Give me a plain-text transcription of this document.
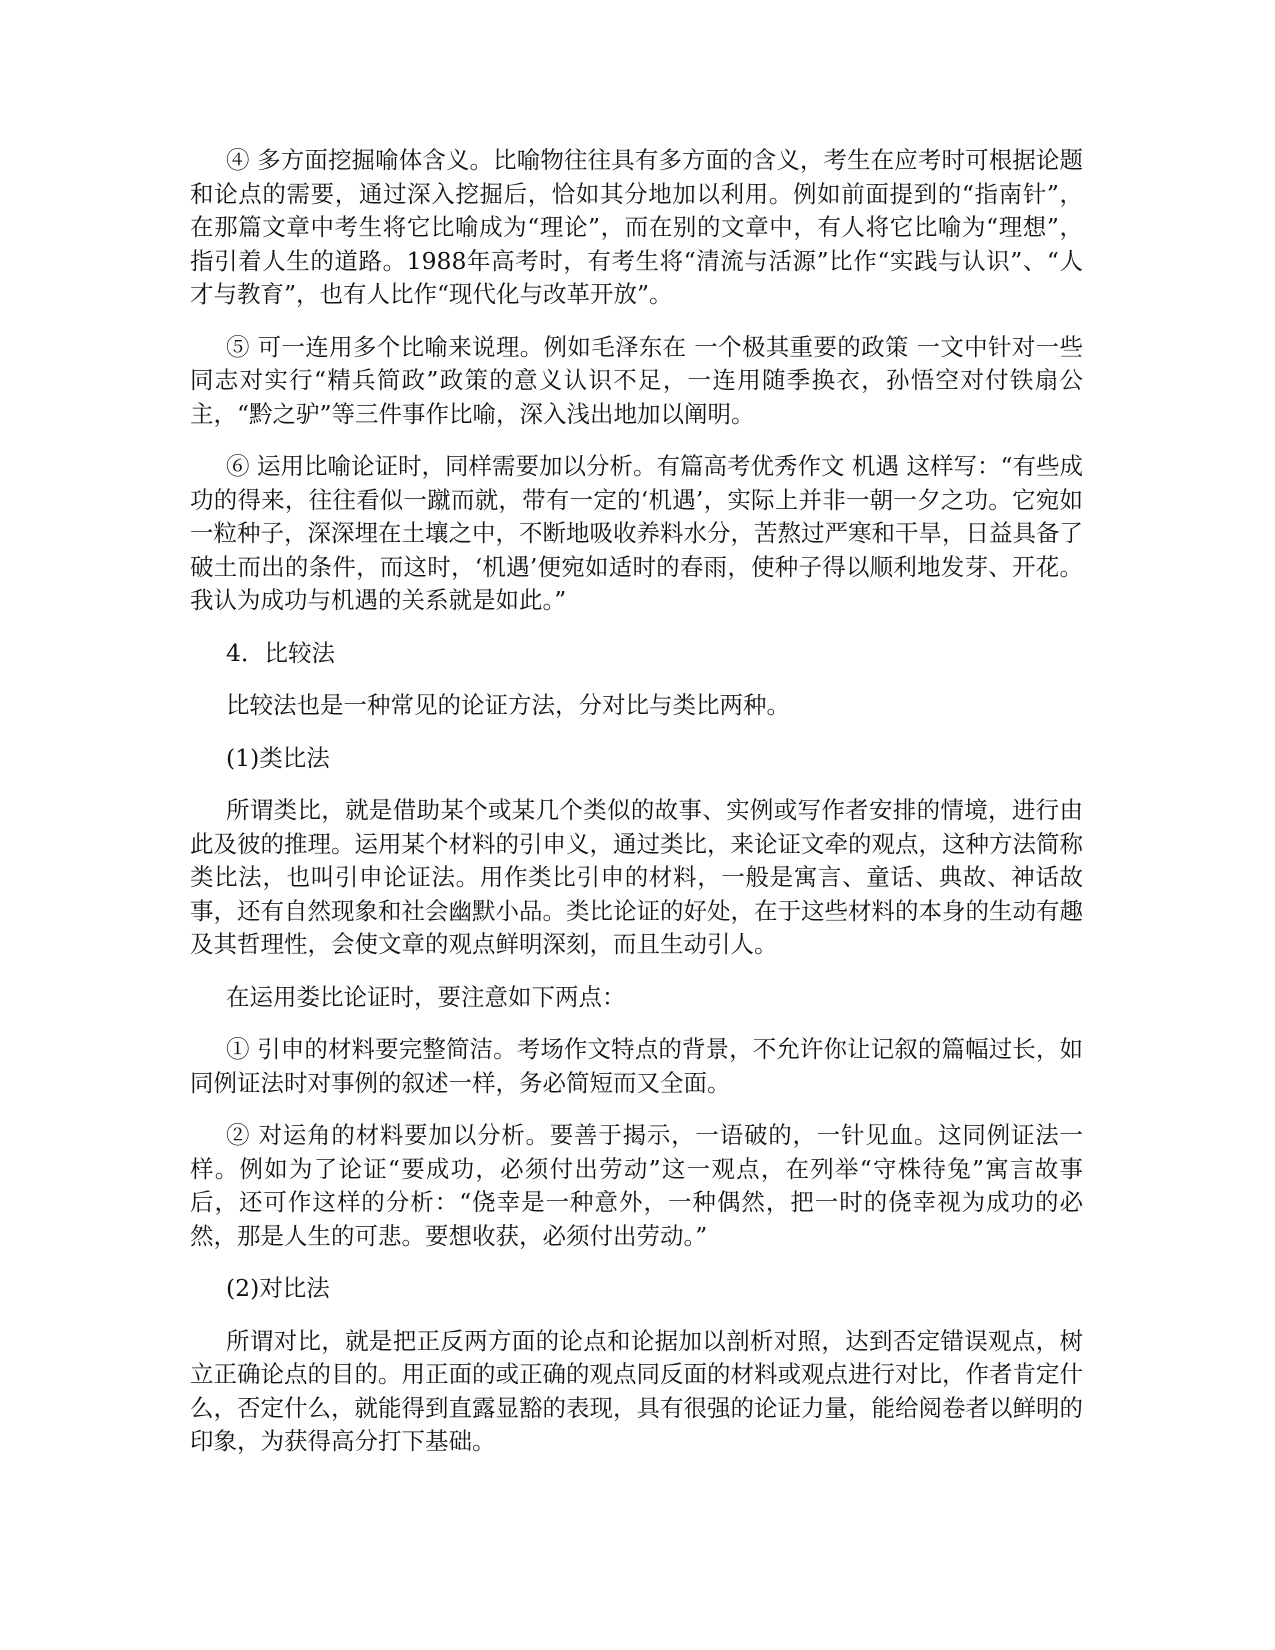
④ 多方面挖掘喻体含义。比喻物往往具有多方面的含义，考生在应考时可根据论题和论点的需要，通过深入挖掘后，恰如其分地加以利用。例如前面提到的“指南针”，在那篇文章中考生将它比喻成为“理论”，而在别的文章中，有人将它比喻为“理想”，指引着人生的道路。1988年高考时，有考生将“清流与活源”比作“实践与认识”、“人才与教育”，也有人比作“现代化与改革开放”。

⑤ 可一连用多个比喻来说理。例如毛泽东在 一个极其重要的政策 一文中针对一些同志对实行“精兵简政”政策的意义认识不足，一连用随季换衣，孙悟空对付铁扇公主，“黔之驴”等三件事作比喻，深入浅出地加以阐明。

⑥ 运用比喻论证时，同样需要加以分析。有篇高考优秀作文 机遇 这样写：“有些成功的得来，往往看似一蹴而就，带有一定的‘机遇’，实际上并非一朝一夕之功。它宛如一粒种子，深深埋在土壤之中，不断地吸收养料水分，苦熬过严寒和干旱，日益具备了破土而出的条件，而这时，‘机遇’便宛如适时的春雨，使种子得以顺利地发芽、开花。我认为成功与机遇的关系就是如此。”

4．比较法

比较法也是一种常见的论证方法，分对比与类比两种。

(1)类比法

所谓类比，就是借助某个或某几个类似的故事、实例或写作者安排的情境，进行由此及彼的推理。运用某个材料的引申义，通过类比，来论证文牵的观点，这种方法简称类比法，也叫引申论证法。用作类比引申的材料，一般是寓言、童话、典故、神话故事，还有自然现象和社会幽默小品。类比论证的好处，在于这些材料的本身的生动有趣及其哲理性，会使文章的观点鲜明深刻，而且生动引人。

在运用娄比论证时，要注意如下两点：

① 引申的材料要完整简洁。考场作文特点的背景，不允许你让记叙的篇幅过长，如同例证法时对事例的叙述一样，务必简短而又全面。

② 对运角的材料要加以分析。要善于揭示，一语破的，一针见血。这同例证法一样。例如为了论证“要成功，必须付出劳动”这一观点，在列举“守株待兔”寓言故事后，还可作这样的分析：“侥幸是一种意外，一种偶然，把一时的侥幸视为成功的必然，那是人生的可悲。要想收获，必须付出劳动。”

(2)对比法

所谓对比，就是把正反两方面的论点和论据加以剖析对照，达到否定错误观点，树立正确论点的目的。用正面的或正确的观点同反面的材料或观点进行对比，作者肯定什么，否定什么，就能得到直露显豁的表现，具有很强的论证力量，能给阅卷者以鲜明的印象，为获得高分打下基础。
